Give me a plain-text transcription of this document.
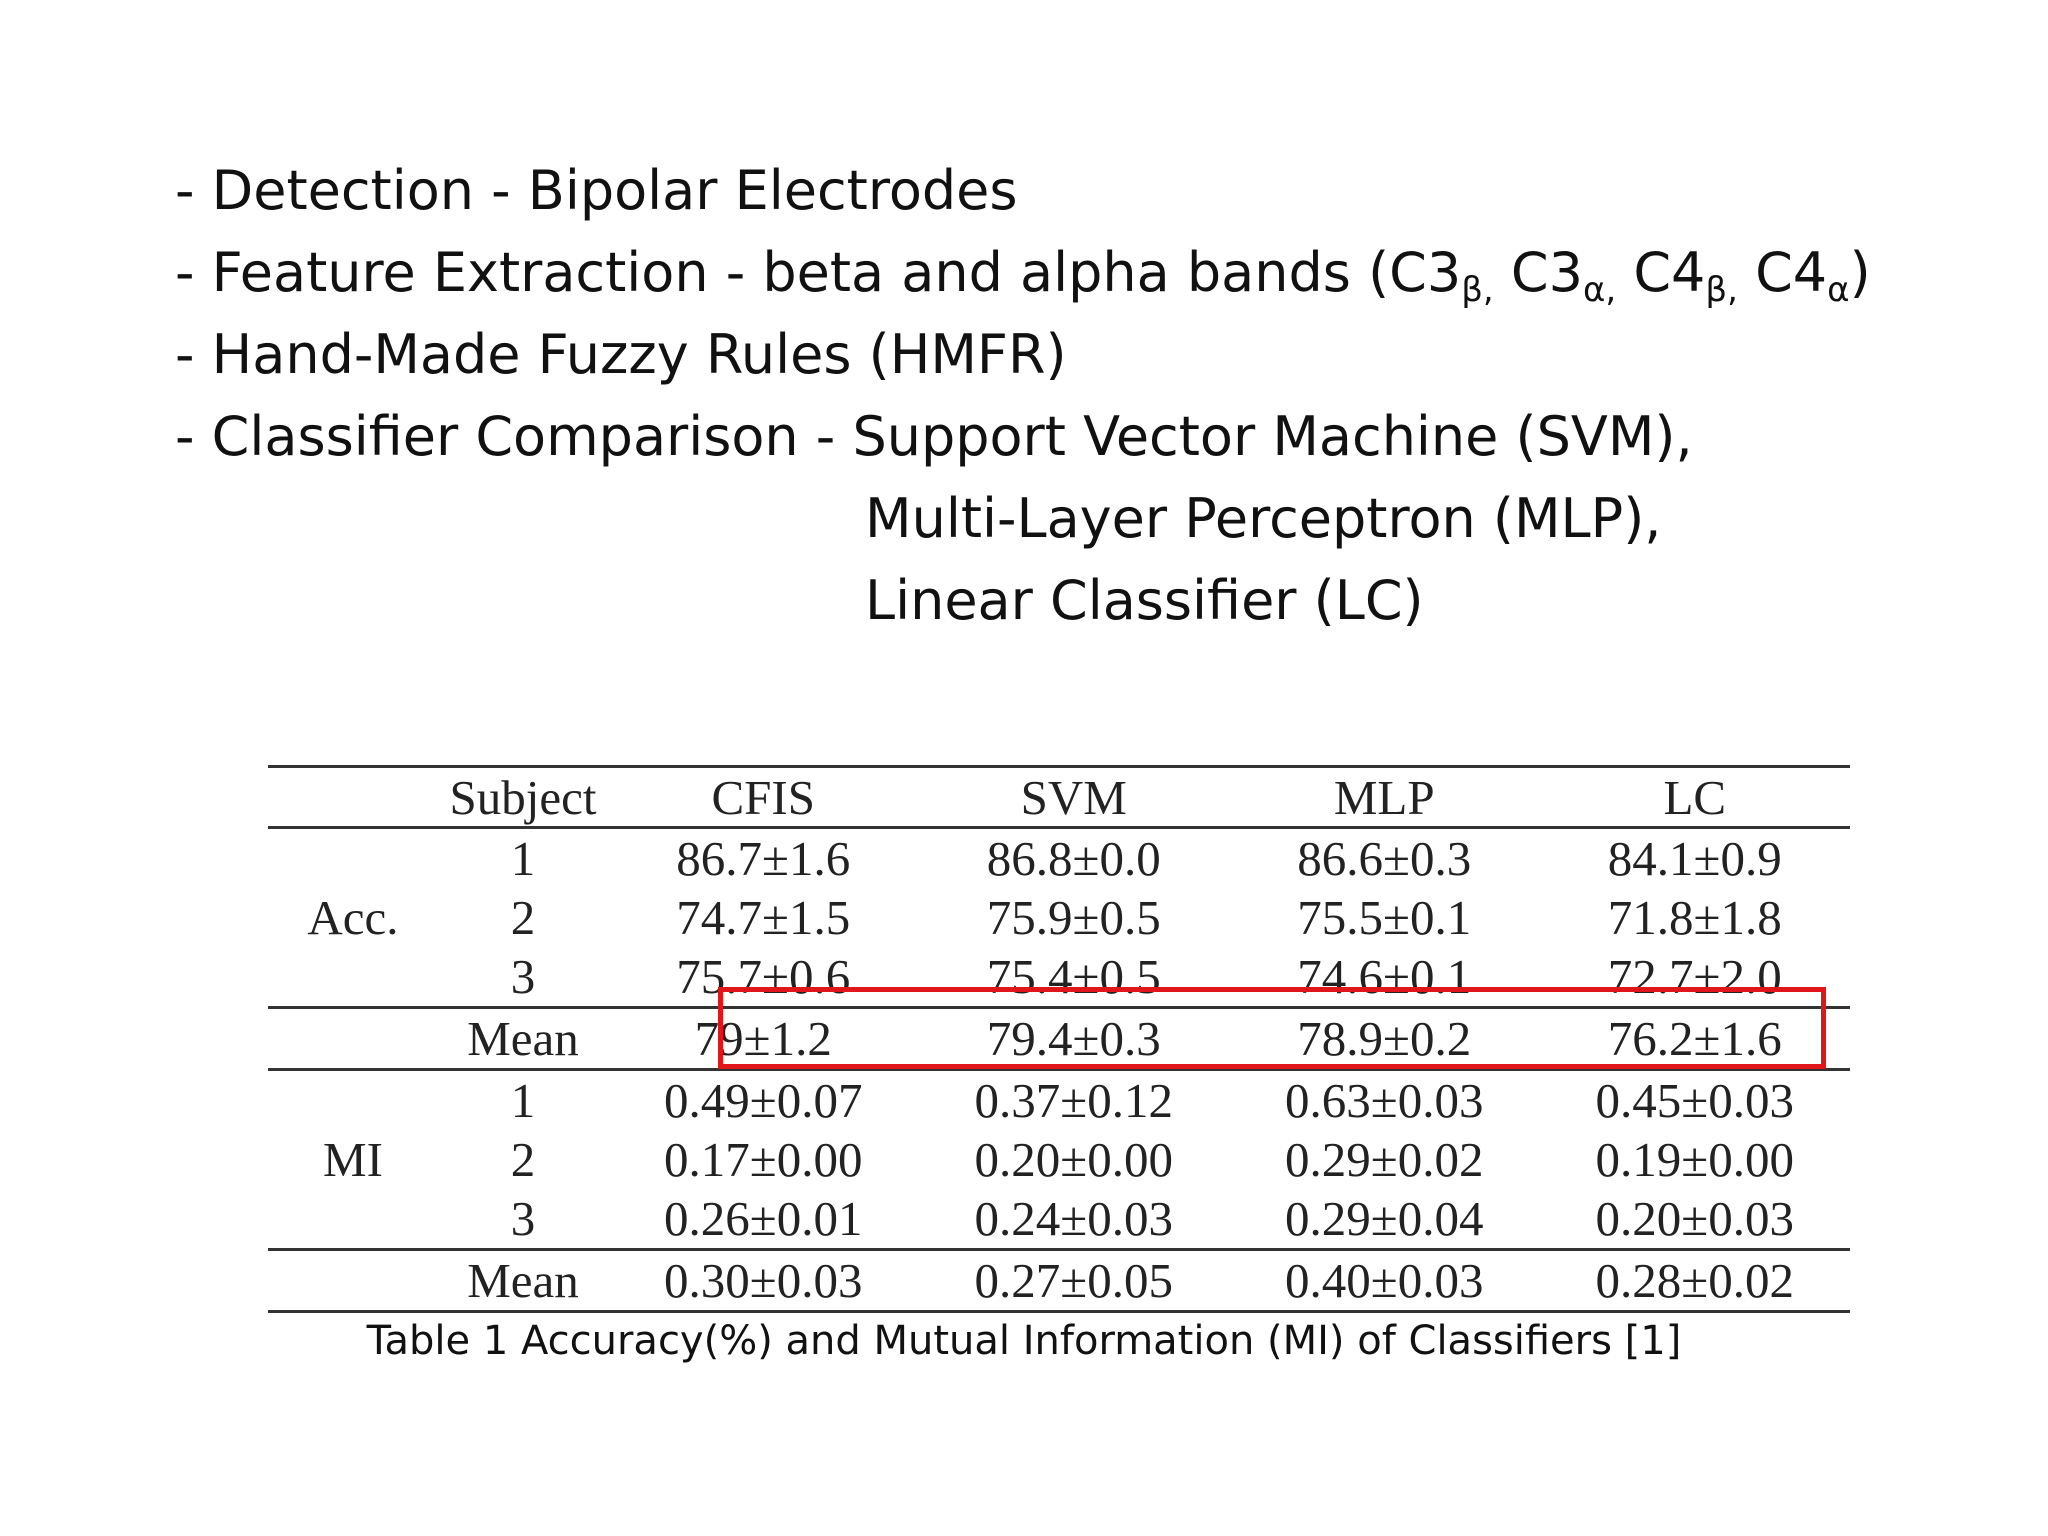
- Detection - Bipolar Electrodes
- Feature Extraction - beta and alpha bands ($C3_{\beta,}$ $C3_{\alpha,}$ $C4_{\beta,}$ $C4_\alpha$)
- Hand-Made Fuzzy Rules (HMFR)
- Classifier Comparison - Support Vector Machine (SVM),
Multi-Layer Perceptron (MLP),
Linear Classifier (LC)
	Subject	CFIS	SVM	MLP	LC
Acc.	1	86.7±1.6	86.8±0.0	86.6±0.3	84.1±0.9
	2	74.7±1.5	75.9±0.5	75.5±0.1	71.8±1.8
	3	75.7±0.6	75.4±0.5	74.6±0.1	72.7±2.0
	Mean	79±1.2	79.4±0.3	78.9±0.2	76.2±1.6
MI	1	0.49±0.07	0.37±0.12	0.63±0.03	0.45±0.03
	2	0.17±0.00	0.20±0.00	0.29±0.02	0.19±0.00
	3	0.26±0.01	0.24±0.03	0.29±0.04	0.20±0.03
	Mean	0.30±0.03	0.27±0.05	0.40±0.03	0.28±0.02
Table 1 Accuracy(%) and Mutual Information (MI) of Classifiers [1]
